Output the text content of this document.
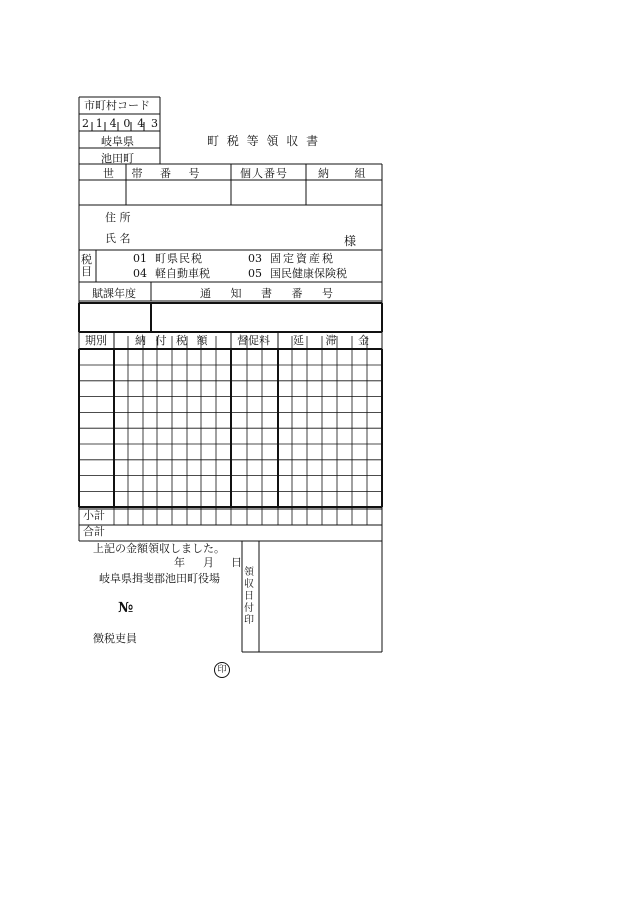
市町村コード
2 1 4 0 4 3
岐阜県
池田町
町 税 等 領 収 書
世 帯 番 号	個人番号	納 組
住 所
氏 名	様
税目
01 町県民税	03 固定資産税
04 軽自動車税	05 国民健康保険税
賦課年度	通 知 書 番 号
期別	納 付 税 額	督促料 延 滞 金
小計
合計
上記の金額領収しました。
年 月 日
岐阜県揖斐郡池田町役場
№
徴税吏員
印
領収日付印
